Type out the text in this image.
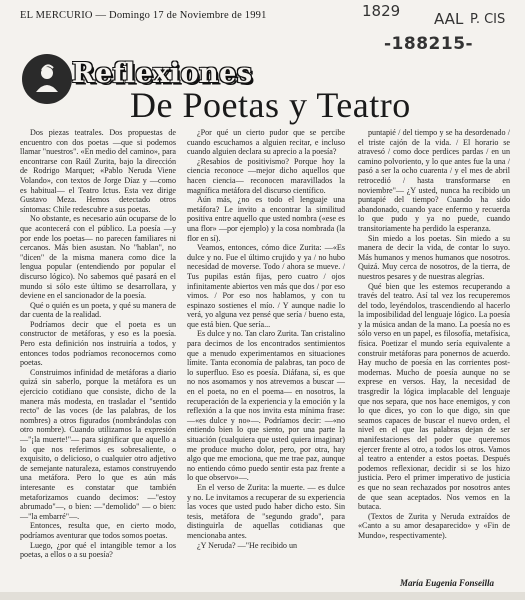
EL MERCURIO — Domingo 17 de Noviembre de 1991	1829 AAL P. CIS
-188215-
Reflexiones
De Poetas y Teatro

Dos piezas teatrales. Dos propuestas de encuentro con dos poetas —que si podemos llamar "nuestros". «En medio del camino», para encontrarse con Raúl Zurita, bajo la dirección de Rodrigo Marquet; «Pablo Neruda Viene Volando», con textos de Jorge Díaz y —como es habitual— el Teatro Ictus. Esta vez dirige Gustavo Meza. Hemos detectado otros síntomas: Chile redescubre a sus poetas.

No obstante, es necesario aún ocuparse de lo que acontecerá con el público. La poesía —y por ende los poetas— no parecen familiares ni cercanos. Más bien asustan. No "hablan", no "dicen" de la misma manera como dice la lengua popular (entendiendo por popular el discurso lógico). No sabemos qué pasará en el mundo si sólo este último se desarrollara, y deviene en el sancionador de la poesía.

Qué o quién es un poeta, y qué su manera de dar cuenta de la realidad.

Podríamos decir que el poeta es un constructor de metáforas, y eso es la poesía. Pero esta definición nos instruiría a todos, y entonces todos podríamos reconocernos como poetas.

Construimos infinidad de metáforas a diario quizá sin saberlo, porque la metáfora es un ejercicio cotidiano que consiste, dicho de la manera más modesta, en trasladar el "sentido recto" de las voces (de las palabras, de los nombres) a otros figurados (nombrándolas con otro nombre). Cuando utilizamos la expresión —"¡la muerte!"— para significar que aquello a lo que nos referimos es sobresaliente, o exquisito, o delicioso, o cualquier otro adjetivo de semejante naturaleza, estamos construyendo una metáfora. Pero lo que es aún más interesante es constatar que también metaforizamos cuando decimos: —"estoy abrumado"—, o bien: —"demolido" — o bien: —"la embarré"—.

Entonces, resulta que, en cierto modo, podríamos aventurar que todos somos poetas.

Luego, ¿por qué el intangible temor a los poetas, a ellos o a su poesía?

¿Por qué un cierto pudor que se percibe cuando escuchamos a alguien recitar, e incluso cuando alguien declara su aprecio a la poesía?

¿Resabios de positivismo? Porque hoy la ciencia reconoce —mejor dicho aquellos que hacen ciencia— reconocen maravillados la magnífica metáfora del discurso científico.

Aún más, ¿no es todo el lenguaje una metáfora? Le invito a encontrar la similitud positiva entre aquello que usted nombra («ese es una flor» —por ejemplo) y la cosa nombrada (la flor en sí).

Veamos, entonces, cómo dice Zurita: —«Es dulce y no. Fue el último crujido y ya / no hubo necesidad de moverse. Todo / ahora se mueve. / Tus pupilas están fijas, pero cuatro / ojos infinitamente abiertos ven más que dos / por eso vimos. / Por eso nos hablamos, y con tu espinazo sostienes el mío. / Y aunque nadie lo verá, yo alguna vez pensé que sería / bueno esta, que está bien. Que sería...

Es dulce y no. Tan claro Zurita. Tan cristalino para decirnos de los encontrados sentimientos que a menudo experimentamos en situaciones límite. Tanta economía de palabras, tan poco de lo superfluo. Eso es poesía. Diáfana, sí, es que no nos asomamos y nos atrevemos a buscar —en el poeta, no en el poema— en nosotros, la recuperación de la experiencia y la emoción y la reflexión a la que nos invita esta mínima frase: —«es dulce y no»—. Podríamos decir: —«no entiendo bien lo que siento, por una parte la situación (cualquiera que usted quiera imaginar) me produce mucho dolor, pero, por otra, hay algo que me emociona, que me trae paz, aunque no entiendo cómo puedo sentir esta paz frente a lo que observo»—.

En el verso de Zurita: la muerte. — es dulce y no. Le invitamos a recuperar de su experiencia las voces que usted pudo haber dicho esto. Sin tesis, metáfora de "segundo grado", para distinguirla de aquellas cotidianas que mencionaba antes.

¿Y Neruda? —"He recibido un

puntapié / del tiempo y se ha desordenado / el triste cajón de la vida. / El horario se atravesó / como doce perdices pardas / en un camino polvoriento, y lo que antes fue la una / pasó a ser la ocho cuarenta / y el mes de abril retrocedió / hasta transformarse en noviembre"— ¿Y usted, nunca ha recibido un puntapié del tiempo? Cuando ha sido abandonado, cuando yace enfermo y recuerda lo que pudo y ya no puede, cuando transitoriamente ha perdido la esperanza.

Sin miedo a los poetas. Sin miedo a su manera de decir la vida, de contar lo suyo. Más humanos y menos humanos que nosotros. Quizá. Muy cerca de nosotros, de la tierra, de nuestros pesares y de nuestras alegrías.

Qué bien que les estemos recuperando a través del teatro. Así tal vez los recuperemos del todo, leyéndolos, trascendiendo al hacerlo la imposibilidad del lenguaje lógico. La poesía y la música andan de la mano. La poesía no es sólo verso en un papel, es filosofía, metafísica, física. Poetizar el mundo sería equivalente a construir metáforas para ponernos de acuerdo. Hay mucho de poesía en las corrientes post-modernas. Mucho de poesía aunque no se exprese en versos. Hay, la necesidad de trasgredir la lógica implacable del lenguaje que nos separa, que nos hace enemigos, y con lo que dices, yo con lo que digo, sin que seamos capaces de buscar el nuevo orden, el nivel en el que las palabras dejan de ser manifestaciones del poder que queremos ejercer frente al otro, a todos los otros. Vamos al teatro a entender a estos poetas. Después podemos reflexionar, decidir si se los hizo justicia. Pero el primer imperativo de justicia es que no sean rechazados por nosotros antes de que sean aceptados. Nos vemos en la butaca.

(Textos de Zurita y Neruda extraídos de «Canto a su amor desaparecido» y «Fin de Mundo», respectivamente).

María Eugenia Fonseilla
